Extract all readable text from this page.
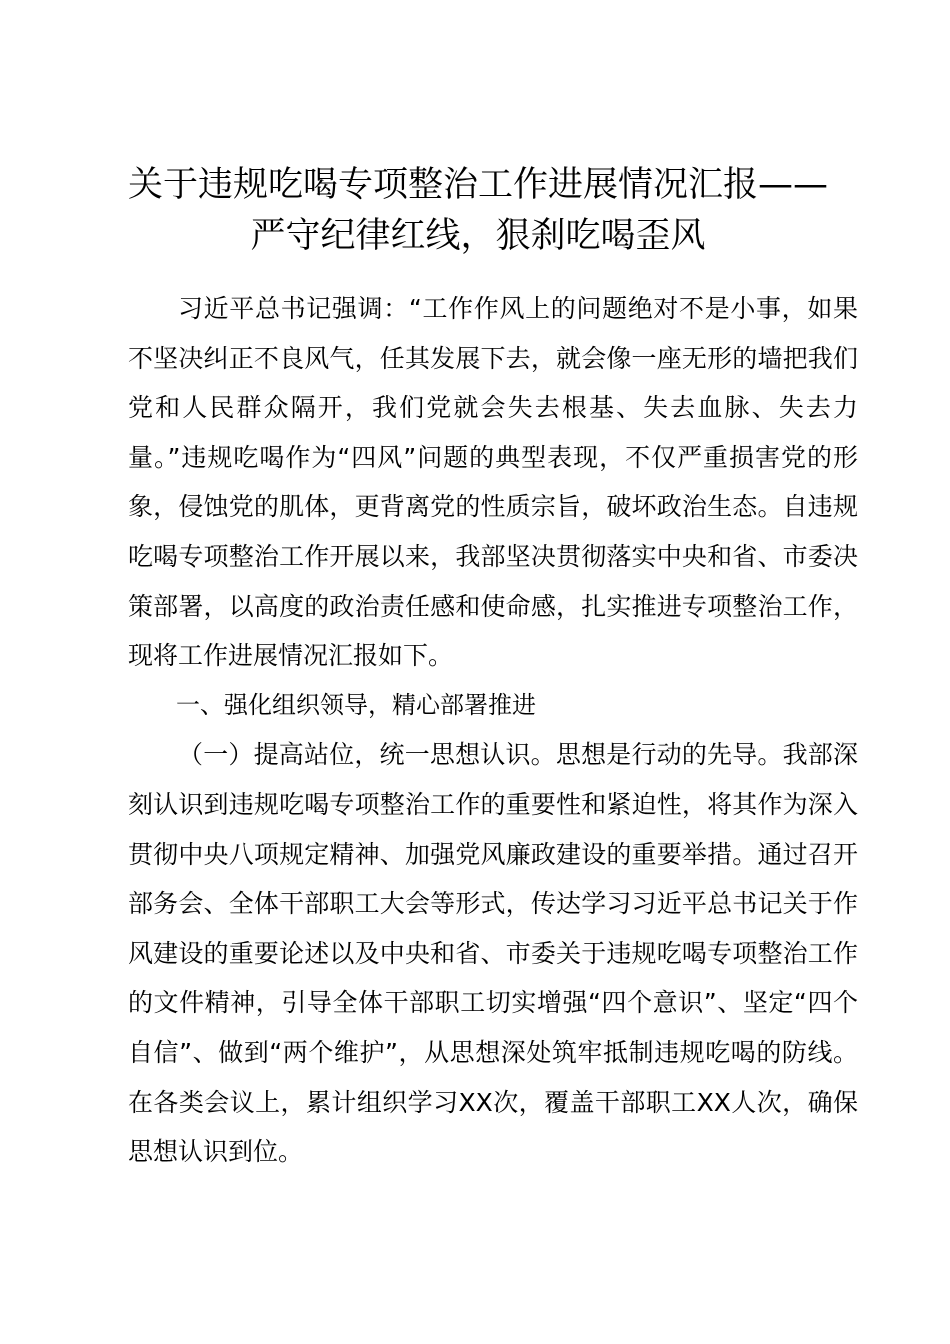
关于违规吃喝专项整治工作进展情况汇报——严守纪律红线，狠刹吃喝歪风

习近平总书记强调：“工作作风上的问题绝对不是小事，如果不坚决纠正不良风气，任其发展下去，就会像一座无形的墙把我们党和人民群众隔开，我们党就会失去根基、失去血脉、失去力量。”违规吃喝作为“四风”问题的典型表现，不仅严重损害党的形象，侵蚀党的肌体，更背离党的性质宗旨，破坏政治生态。自违规吃喝专项整治工作开展以来，我部坚决贯彻落实中央和省、市委决策部署，以高度的政治责任感和使命感，扎实推进专项整治工作，现将工作进展情况汇报如下。

一、强化组织领导，精心部署推进

（一）提高站位，统一思想认识。思想是行动的先导。我部深刻认识到违规吃喝专项整治工作的重要性和紧迫性，将其作为深入贯彻中央八项规定精神、加强党风廉政建设的重要举措。通过召开部务会、全体干部职工大会等形式，传达学习习近平总书记关于作风建设的重要论述以及中央和省、市委关于违规吃喝专项整治工作的文件精神，引导全体干部职工切实增强“四个意识”、坚定“四个自信”、做到“两个维护”，从思想深处筑牢抵制违规吃喝的防线。在各类会议上，累计组织学习XX次，覆盖干部职工XX人次，确保思想认识到位。
